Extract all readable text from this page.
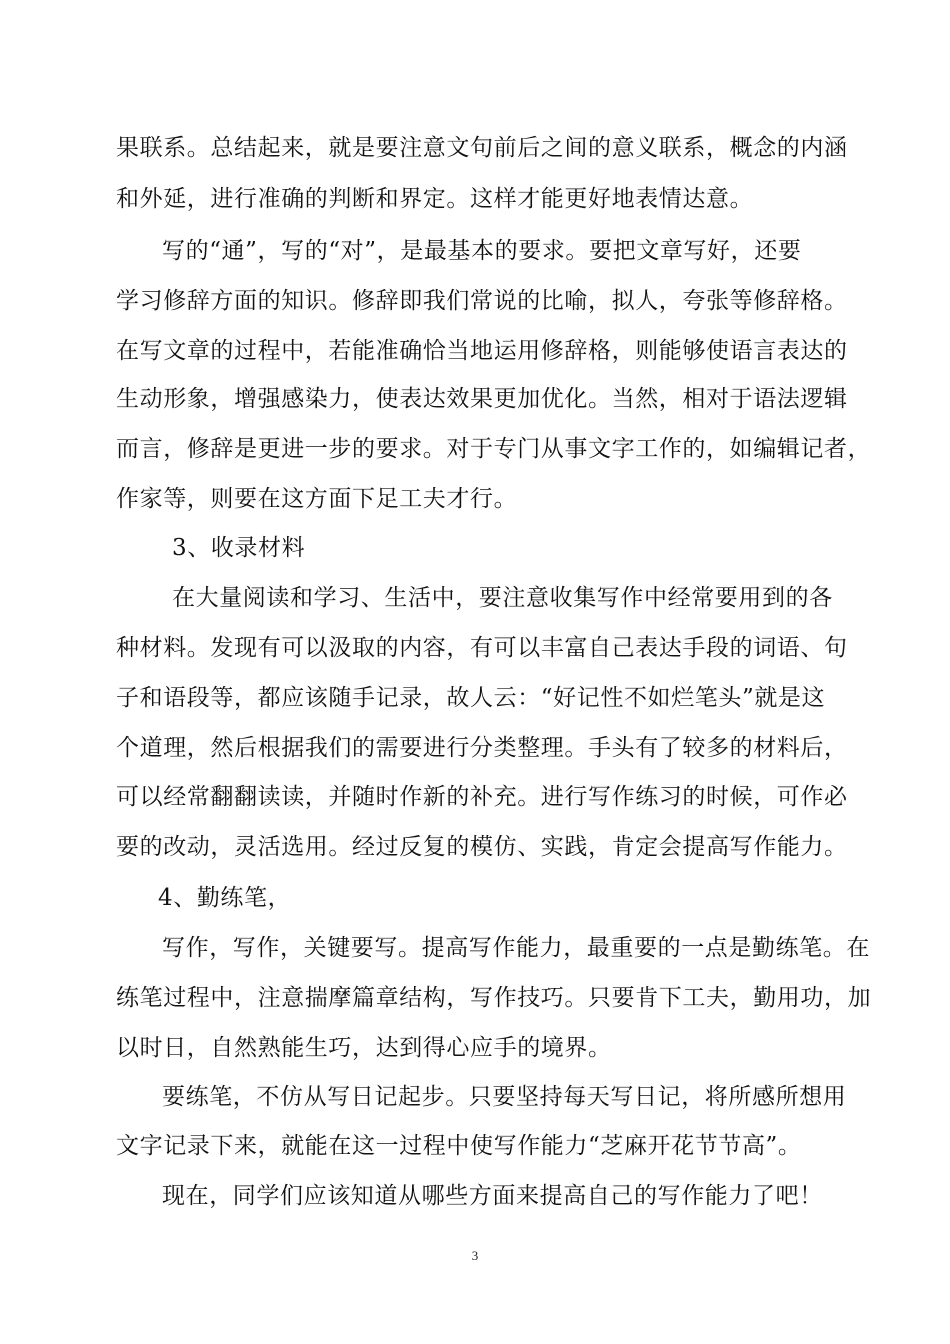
果联系。总结起来，就是要注意文句前后之间的意义联系，概念的内涵
和外延，进行准确的判断和界定。这样才能更好地表情达意。
写的“通”，写的“对”，是最基本的要求。要把文章写好，还要
学习修辞方面的知识。修辞即我们常说的比喻，拟人，夸张等修辞格。
在写文章的过程中，若能准确恰当地运用修辞格，则能够使语言表达的
生动形象，增强感染力，使表达效果更加优化。当然，相对于语法逻辑
而言，修辞是更进一步的要求。对于专门从事文字工作的，如编辑记者，
作家等，则要在这方面下足工夫才行。
3、收录材料
在大量阅读和学习、生活中，要注意收集写作中经常要用到的各
种材料。发现有可以汲取的内容，有可以丰富自己表达手段的词语、句
子和语段等，都应该随手记录，故人云：“好记性不如烂笔头”就是这
个道理，然后根据我们的需要进行分类整理。手头有了较多的材料后，
可以经常翻翻读读，并随时作新的补充。进行写作练习的时候，可作必
要的改动，灵活选用。经过反复的模仿、实践，肯定会提高写作能力。
4、勤练笔，
写作，写作，关键要写。提高写作能力，最重要的一点是勤练笔。在
练笔过程中，注意揣摩篇章结构，写作技巧。只要肯下工夫，勤用功，加
以时日，自然熟能生巧，达到得心应手的境界。
要练笔，不仿从写日记起步。只要坚持每天写日记，将所感所想用
文字记录下来，就能在这一过程中使写作能力“芝麻开花节节高”。
现在，同学们应该知道从哪些方面来提高自己的写作能力了吧！
3
